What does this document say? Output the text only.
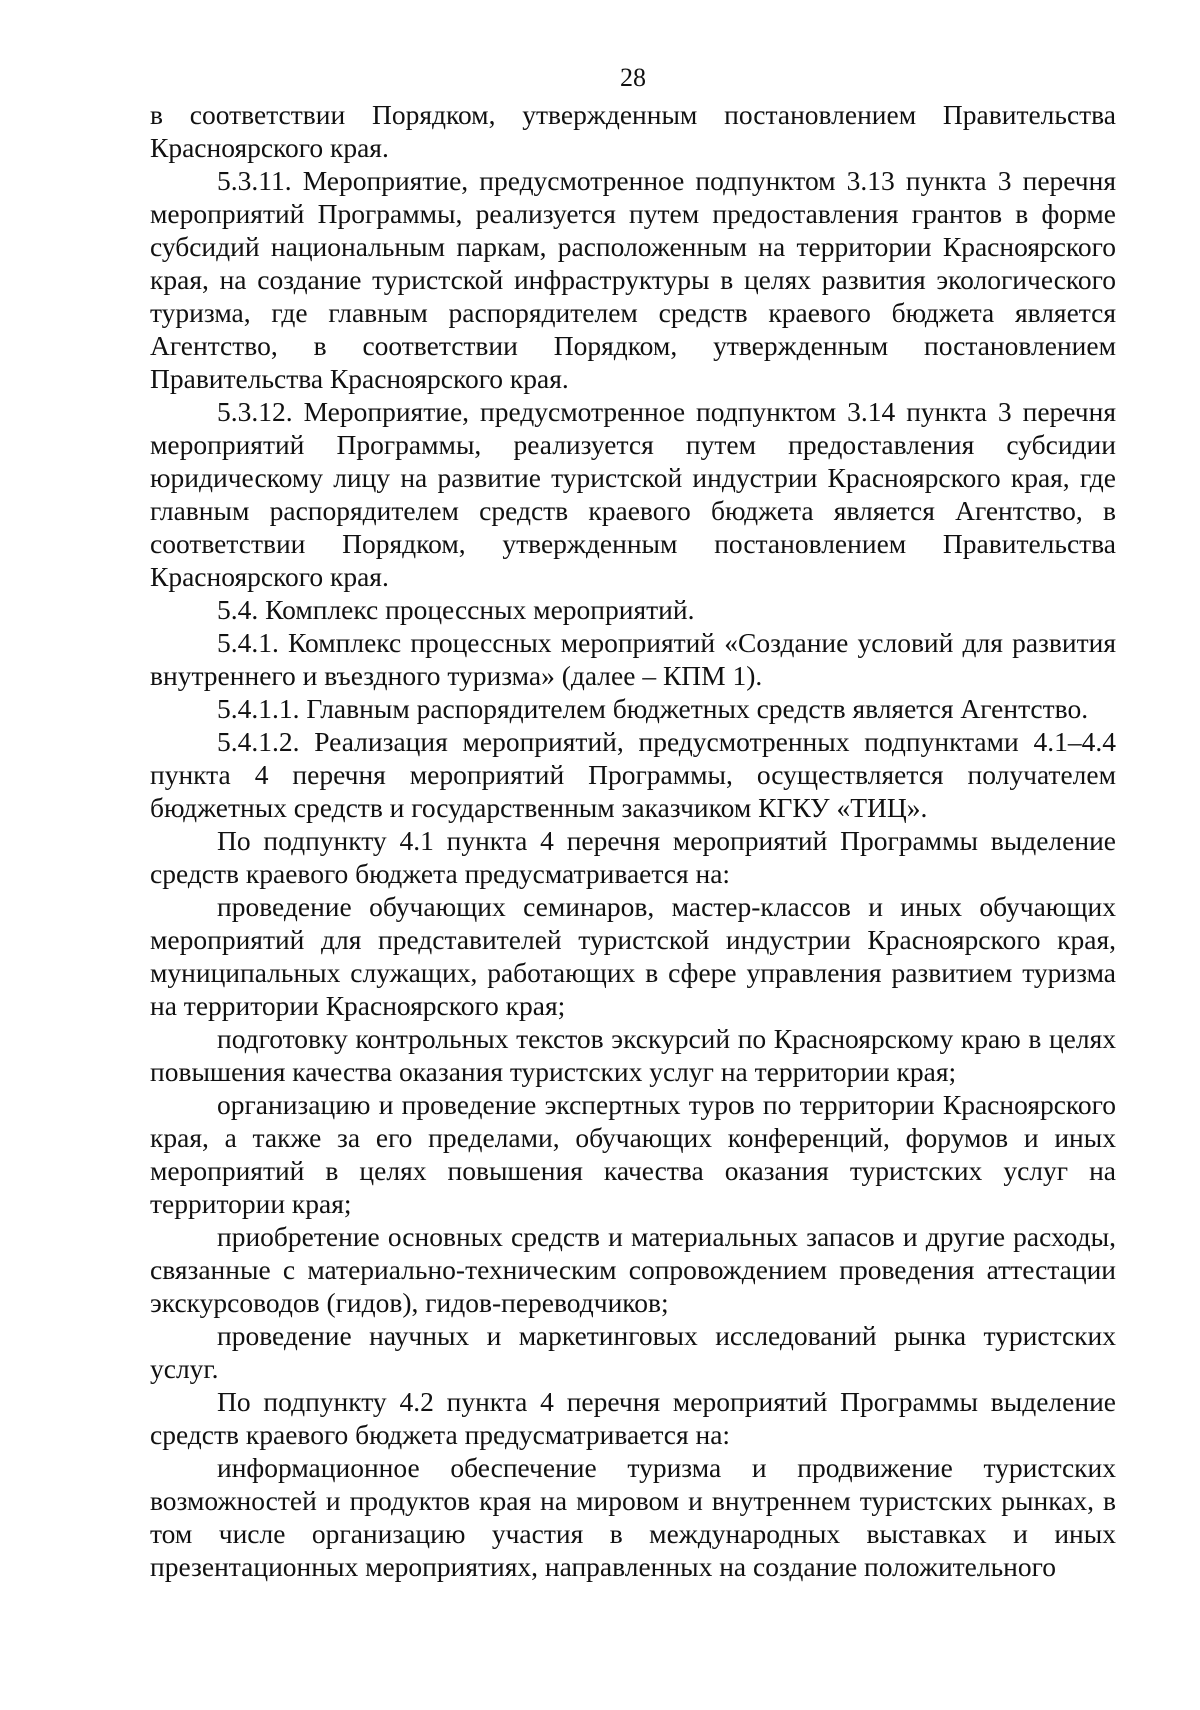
28

в соответствии Порядком, утвержденным постановлением Правительства Красноярского края.

5.3.11. Мероприятие, предусмотренное подпунктом 3.13 пункта 3 перечня мероприятий Программы, реализуется путем предоставления грантов в форме субсидий национальным паркам, расположенным на территории Красноярского края, на создание туристской инфраструктуры в целях развития экологического туризма, где главным распорядителем средств краевого бюджета является Агентство, в соответствии Порядком, утвержденным постановлением Правительства Красноярского края.

5.3.12. Мероприятие, предусмотренное подпунктом 3.14 пункта 3 перечня мероприятий Программы, реализуется путем предоставления субсидии юридическому лицу на развитие туристской индустрии Красноярского края, где главным распорядителем средств краевого бюджета является Агентство, в соответствии Порядком, утвержденным постановлением Правительства Красноярского края.

5.4. Комплекс процессных мероприятий.

5.4.1. Комплекс процессных мероприятий «Создание условий для развития внутреннего и въездного туризма» (далее – КПМ 1).

5.4.1.1. Главным распорядителем бюджетных средств является Агентство.

5.4.1.2. Реализация мероприятий, предусмотренных подпунктами 4.1–4.4 пункта 4 перечня мероприятий Программы, осуществляется получателем бюджетных средств и государственным заказчиком КГКУ «ТИЦ».

По подпункту 4.1 пункта 4 перечня мероприятий Программы выделение средств краевого бюджета предусматривается на:

проведение обучающих семинаров, мастер-классов и иных обучающих мероприятий для представителей туристской индустрии Красноярского края, муниципальных служащих, работающих в сфере управления развитием туризма на территории Красноярского края;

подготовку контрольных текстов экскурсий по Красноярскому краю в целях повышения качества оказания туристских услуг на территории края;

организацию и проведение экспертных туров по территории Красноярского края, а также за его пределами, обучающих конференций, форумов и иных мероприятий в целях повышения качества оказания туристских услуг на территории края;

приобретение основных средств и материальных запасов и другие расходы, связанные с материально-техническим сопровождением проведения аттестации экскурсоводов (гидов), гидов-переводчиков;

проведение научных и маркетинговых исследований рынка туристских услуг.

По подпункту 4.2 пункта 4 перечня мероприятий Программы выделение средств краевого бюджета предусматривается на:

информационное обеспечение туризма и продвижение туристских возможностей и продуктов края на мировом и внутреннем туристских рынках, в том числе организацию участия в международных выставках и иных презентационных мероприятиях, направленных на создание положительного
